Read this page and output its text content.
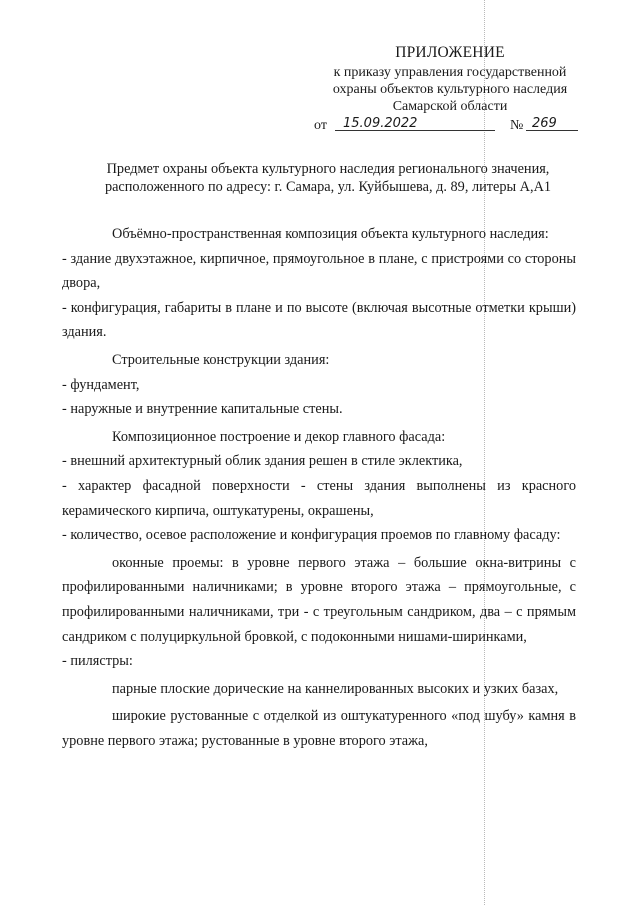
ПРИЛОЖЕНИЕ
к приказу управления государственной
охраны объектов культурного наследия
Самарской области
от	15.09.2022	№ 269
Предмет охраны объекта культурного наследия регионального значения,
расположенного по адресу: г. Самара, ул. Куйбышева, д. 89, литеры А,А1

Объёмно-пространственная композиция объекта культурного наследия:

- здание двухэтажное, кирпичное, прямоугольное в плане, с пристроями со стороны двора,

- конфигурация, габариты в плане и по высоте (включая высотные отметки крыши) здания.

Строительные конструкции здания:

- фундамент,

- наружные и внутренние капитальные стены.

Композиционное построение и декор главного фасада:

- внешний архитектурный облик здания решен в стиле эклектика,

- характер фасадной поверхности - стены здания выполнены из красного керамического кирпича, оштукатурены, окрашены,

- количество, осевое расположение и конфигурация проемов по главному фасаду:

оконные проемы: в уровне первого этажа – большие окна-витрины с профилированными наличниками; в уровне второго этажа – прямоугольные, с профилированными наличниками, три - с треугольным сандриком, два – с прямым сандриком с полуциркульной бровкой, с подоконными нишами-ширинками,

- пилястры:

парные плоские дорические на каннелированных высоких и узких базах,

широкие рустованные с отделкой из оштукатуренного «под шубу» камня в уровне первого этажа; рустованные в уровне второго этажа,
